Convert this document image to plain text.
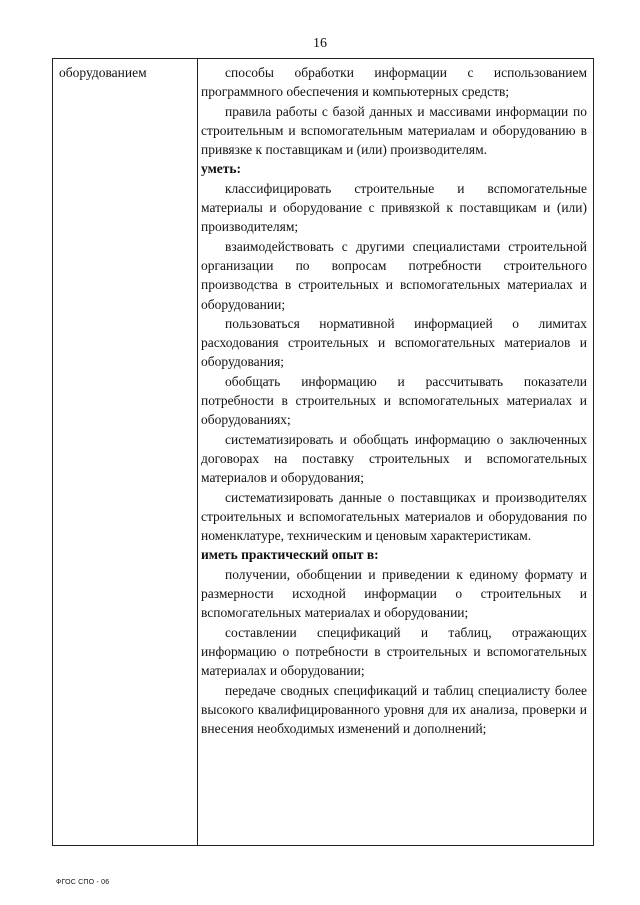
16
оборудованием	способы обработки информации с использованием программного обеспечения и компьютерных средств;

правила работы с базой данных и массивами информации по строительным и вспомогательным материалам и оборудованию в привязке к поставщикам и (или) производителям.

уметь:

классифицировать строительные и вспомогательные материалы и оборудование с привязкой к поставщикам и (или) производителям;

взаимодействовать с другими специалистами строительной организации по вопросам потребности строительного производства в строительных и вспомогательных материалах и оборудовании;

пользоваться нормативной информацией о лимитах расходования строительных и вспомогательных материалов и оборудования;

обобщать информацию и рассчитывать показатели потребности в строительных и вспомогательных материалах и оборудованиях;

систематизировать и обобщать информацию о заключенных договорах на поставку строительных и вспомогательных материалов и оборудования;

систематизировать данные о поставщиках и производителях строительных и вспомогательных материалов и оборудования по номенклатуре, техническим и ценовым характеристикам.

иметь практический опыт в:

получении, обобщении и приведении к единому формату и размерности исходной информации о строительных и вспомогательных материалах и оборудовании;

составлении спецификаций и таблиц, отражающих информацию о потребности в строительных и вспомогательных материалах и оборудовании;

передаче сводных спецификаций и таблиц специалисту более высокого квалифицированного уровня для их анализа, проверки и внесения необходимых изменений и дополнений;

ФГОС СПО - 06
